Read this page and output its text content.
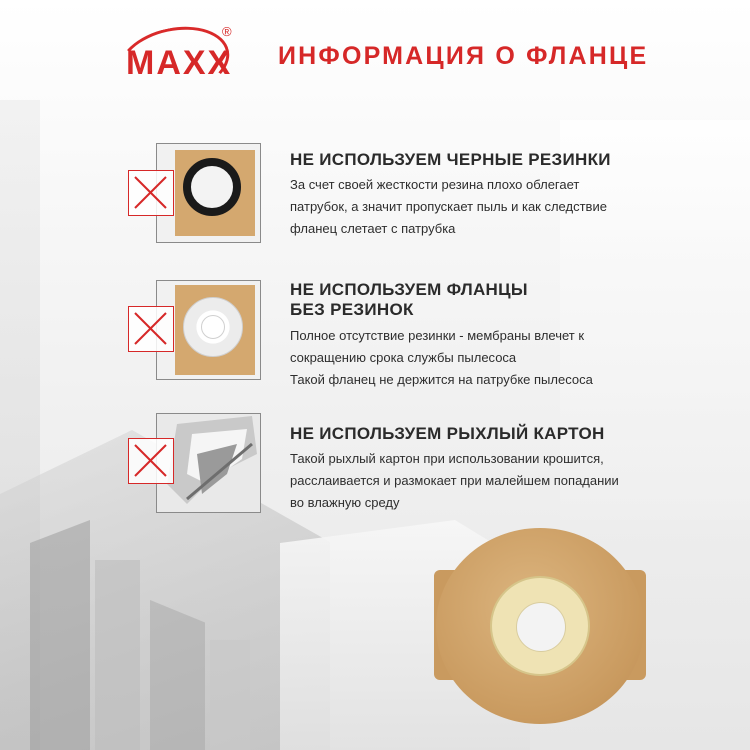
MAXX
®
ИНФОРМАЦИЯ О ФЛАНЦЕ
НЕ ИСПОЛЬЗУЕМ ЧЕРНЫЕ РЕЗИНКИ
За счет своей жесткости резина плохо облегает
патрубок, а значит пропускает пыль и как следствие
фланец слетает с патрубка
НЕ ИСПОЛЬЗУЕМ ФЛАНЦЫ
БЕЗ РЕЗИНОК
Полное отсутствие резинки - мембраны влечет к
сокращению срока службы пылесоса
Такой фланец не держится на патрубке пылесоса
НЕ ИСПОЛЬЗУЕМ РЫХЛЫЙ КАРТОН
Такой рыхлый картон при использовании крошится,
расслаивается и размокает при малейшем попадании
во влажную среду
